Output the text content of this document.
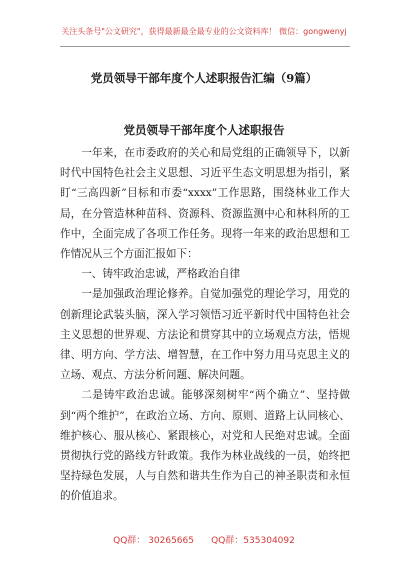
关注头条号"公文研究"，获得最新最全最专业的公文资料库！ 微信：gongwenyj
党员领导干部年度个人述职报告汇编（9篇）
党员领导干部年度个人述职报告

一年来，在市委政府的关心和局党组的正确领导下，以新时代中国特色社会主义思想、习近平生态文明思想为指引，紧盯“三高四新”目标和市委“xxxx”工作思路，围绕林业工作大局，在分管造林种苗科、资源科、资源监测中心和林科所的工作中，全面完成了各项工作任务。现将一年来的政治思想和工作情况从三个方面汇报如下：

一、铸牢政治忠诚，严格政治自律

一是加强政治理论修养。自觉加强党的理论学习，用党的创新理论武装头脑，深入学习领悟习近平新时代中国特色社会主义思想的世界观、方法论和贯穿其中的立场观点方法，悟规律、明方向、学方法、增智慧，在工作中努力用马克思主义的立场、观点、方法分析问题、解决问题。

二是铸牢政治忠诚。能够深刻树牢“两个确立”、坚持做到“两个维护”，在政治立场、方向、原则、道路上认同核心、维护核心、服从核心、紧跟核心，对党和人民绝对忠诚。全面贯彻执行党的路线方针政策。我作为林业战线的一员，始终把坚持绿色发展，人与自然和谐共生作为自己的神圣职责和永恒的价值追求。

QQ群： 30265665      QQ群：535304092
